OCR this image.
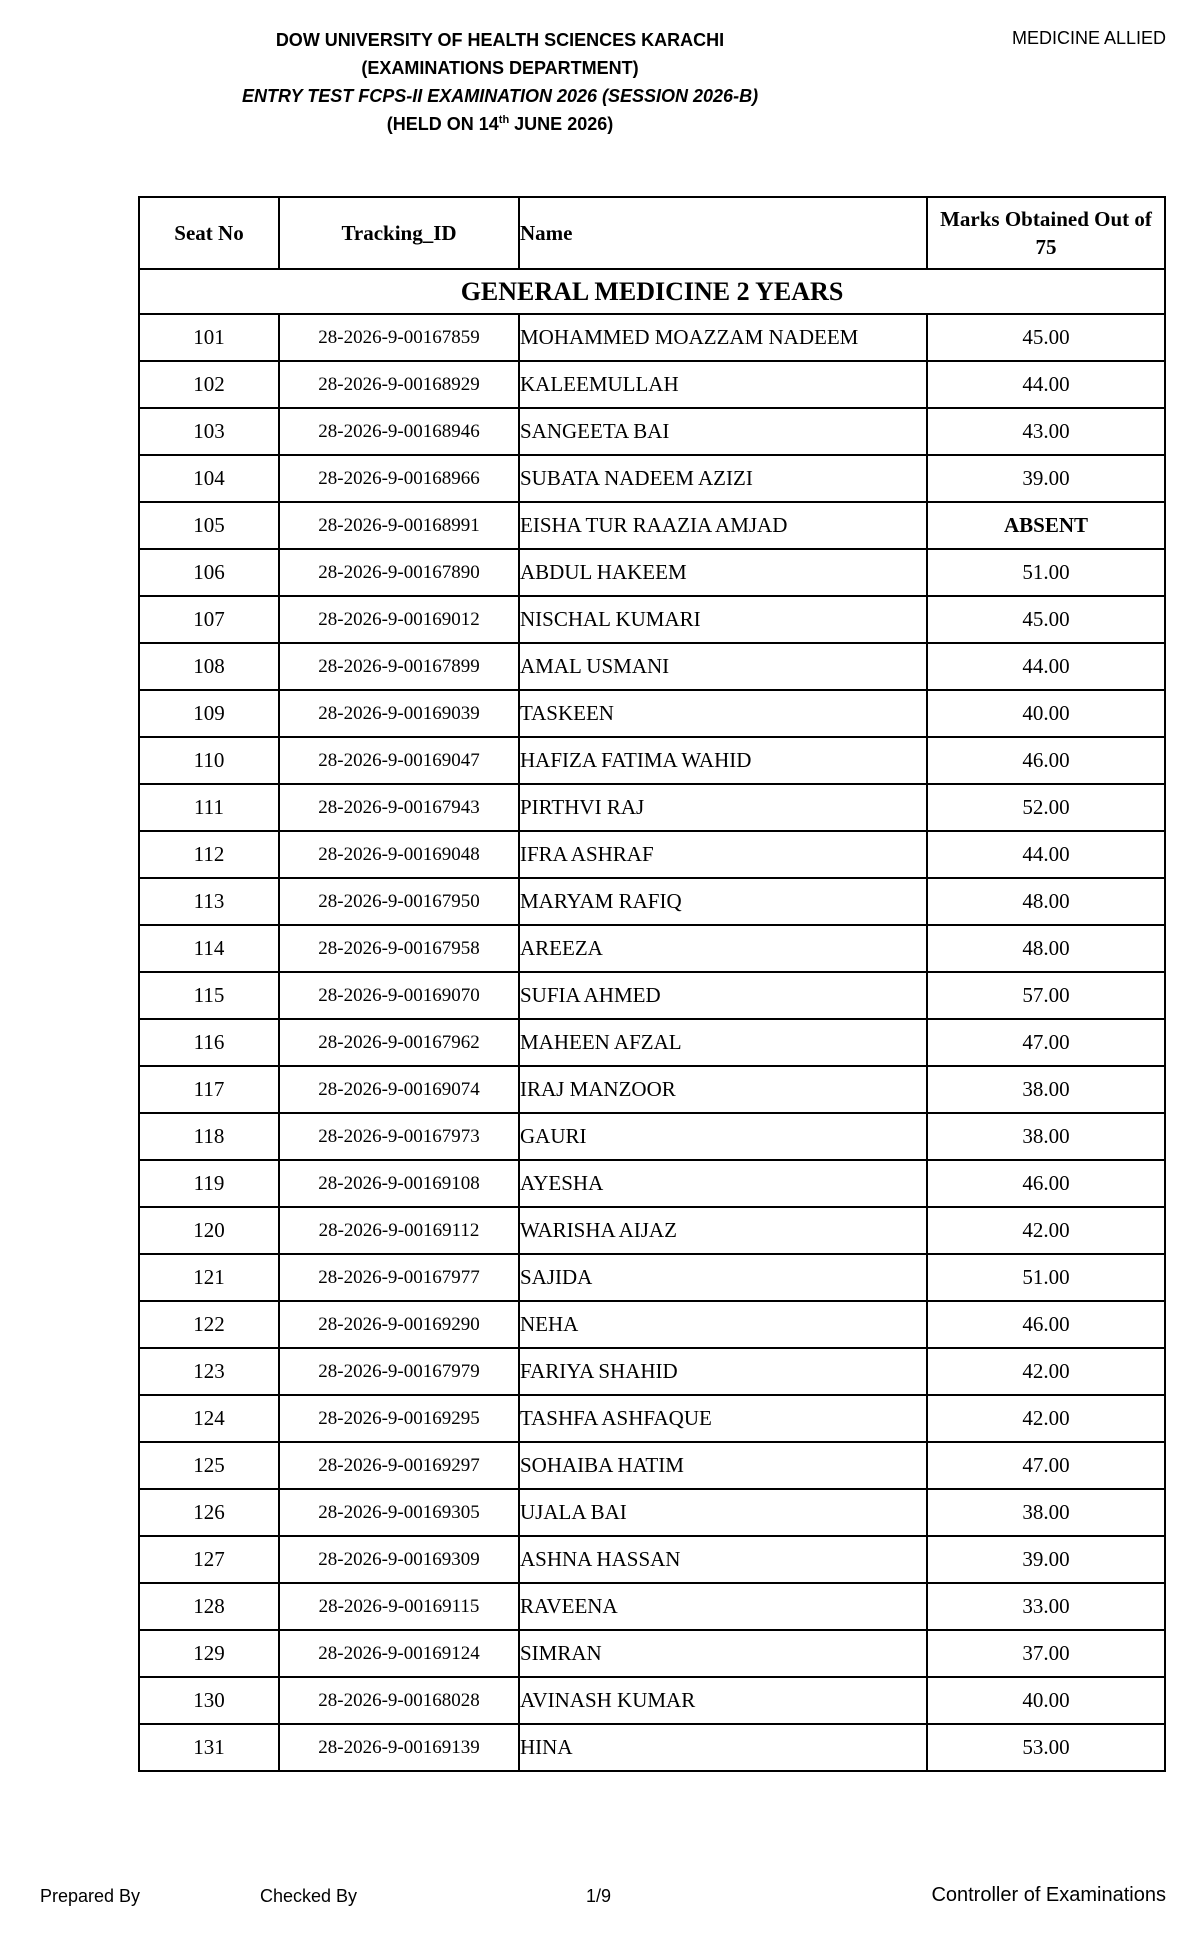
DOW UNIVERSITY OF HEALTH SCIENCES KARACHI
(EXAMINATIONS DEPARTMENT)
ENTRY TEST FCPS-II EXAMINATION 2026 (SESSION 2026-B)
(HELD ON 14th JUNE 2026)
MEDICINE ALLIED
Seat No	Tracking_ID	Name	Marks Obtained Out of 75
GENERAL MEDICINE 2 YEARS			
101	28-2026-9-00167859	MOHAMMED MOAZZAM NADEEM	45.00
102	28-2026-9-00168929	KALEEMULLAH	44.00
103	28-2026-9-00168946	SANGEETA BAI	43.00
104	28-2026-9-00168966	SUBATA NADEEM AZIZI	39.00
105	28-2026-9-00168991	EISHA TUR RAAZIA AMJAD	ABSENT
106	28-2026-9-00167890	ABDUL HAKEEM	51.00
107	28-2026-9-00169012	NISCHAL KUMARI	45.00
108	28-2026-9-00167899	AMAL USMANI	44.00
109	28-2026-9-00169039	TASKEEN	40.00
110	28-2026-9-00169047	HAFIZA FATIMA WAHID	46.00
111	28-2026-9-00167943	PIRTHVI RAJ	52.00
112	28-2026-9-00169048	IFRA ASHRAF	44.00
113	28-2026-9-00167950	MARYAM RAFIQ	48.00
114	28-2026-9-00167958	AREEZA	48.00
115	28-2026-9-00169070	SUFIA AHMED	57.00
116	28-2026-9-00167962	MAHEEN AFZAL	47.00
117	28-2026-9-00169074	IRAJ MANZOOR	38.00
118	28-2026-9-00167973	GAURI	38.00
119	28-2026-9-00169108	AYESHA	46.00
120	28-2026-9-00169112	WARISHA AIJAZ	42.00
121	28-2026-9-00167977	SAJIDA	51.00
122	28-2026-9-00169290	NEHA	46.00
123	28-2026-9-00167979	FARIYA SHAHID	42.00
124	28-2026-9-00169295	TASHFA ASHFAQUE	42.00
125	28-2026-9-00169297	SOHAIBA HATIM	47.00
126	28-2026-9-00169305	UJALA BAI	38.00
127	28-2026-9-00169309	ASHNA HASSAN	39.00
128	28-2026-9-00169115	RAVEENA	33.00
129	28-2026-9-00169124	SIMRAN	37.00
130	28-2026-9-00168028	AVINASH KUMAR	40.00
131	28-2026-9-00169139	HINA	53.00
Prepared By	Checked By	1/9	Controller of Examinations
